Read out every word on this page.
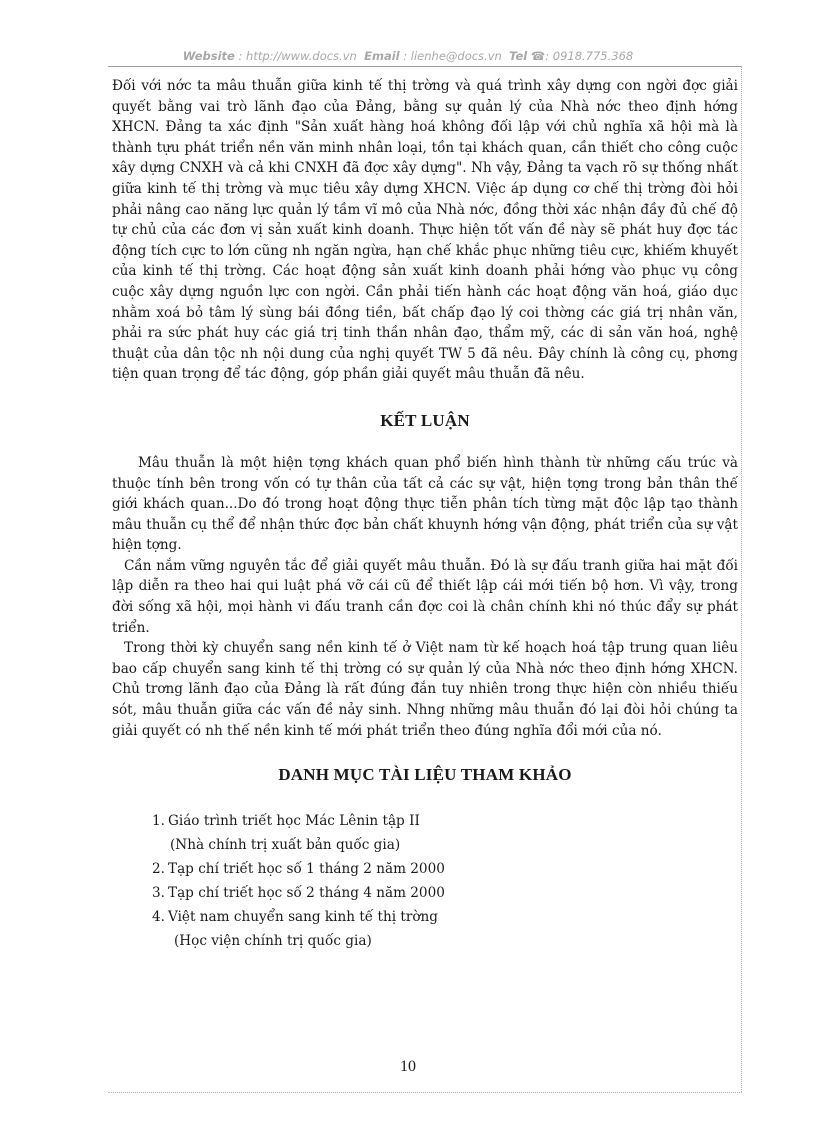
Website : http://www.docs.vn Email : lienhe@docs.vn Tel ☎: 0918.775.368

Đối với nớc ta mâu thuẫn giữa kinh tế thị trờng và quá trình xây dựng con ngời đợc giải quyết bằng vai trò lãnh đạo của Đảng, bằng sự quản lý của Nhà nớc theo định hớng XHCN. Đảng ta xác định "Sản xuất hàng hoá không đối lập với chủ nghĩa xã hội mà là thành tựu phát triển nền văn minh nhân loại, tồn tại khách quan, cần thiết cho công cuộc xây dựng CNXH và cả khi CNXH đã đợc xây dựng". Nh vậy, Đảng ta vạch rõ sự thống nhất giữa kinh tế thị trờng và mục tiêu xây dựng XHCN. Việc áp dụng cơ chế thị trờng đòi hỏi phải nâng cao năng lực quản lý tầm vĩ mô của Nhà nớc, đồng thời xác nhận đầy đủ chế độ tự chủ của các đơn vị sản xuất kinh doanh. Thực hiện tốt vấn đề này sẽ phát huy đợc tác động tích cực to lớn cũng nh ngăn ngừa, hạn chế khắc phục những tiêu cực, khiếm khuyết của kinh tế thị trờng. Các hoạt động sản xuất kinh doanh phải hớng vào phục vụ công cuộc xây dựng nguồn lực con ngời. Cần phải tiến hành các hoạt động văn hoá, giáo dục nhằm xoá bỏ tâm lý sùng bái đồng tiền, bất chấp đạo lý coi thờng các giá trị nhân văn, phải ra sức phát huy các giá trị tinh thần nhân đạo, thẩm mỹ, các di sản văn hoá, nghệ thuật của dân tộc nh nội dung của nghị quyết TW 5 đã nêu. Đây chính là công cụ, phơng tiện quan trọng để tác động, góp phần giải quyết mâu thuẫn đã nêu.

KẾT LUẬN

Mâu thuẫn là một hiện tợng khách quan phổ biến hình thành từ những cấu trúc và thuộc tính bên trong vốn có tự thân của tất cả các sự vật, hiện tợng trong bản thân thế giới khách quan...Do đó trong hoạt động thực tiễn phân tích từng mặt độc lập tạo thành mâu thuẫn cụ thể để nhận thức đợc bản chất khuynh hớng vận động, phát triển của sự vật hiện tợng.

Cần nắm vững nguyên tắc để giải quyết mâu thuẫn. Đó là sự đấu tranh giữa hai mặt đối lập diễn ra theo hai qui luật phá vỡ cái cũ để thiết lập cái mới tiến bộ hơn. Vì vậy, trong đời sống xã hội, mọi hành vi đấu tranh cần đợc coi là chân chính khi nó thúc đẩy sự phát triển.

Trong thời kỳ chuyển sang nền kinh tế ở Việt nam từ kế hoạch hoá tập trung quan liêu bao cấp chuyển sang kinh tế thị trờng có sự quản lý của Nhà nớc theo định hớng XHCN. Chủ trơng lãnh đạo của Đảng là rất đúng đắn tuy nhiên trong thực hiện còn nhiều thiếu sót, mâu thuẫn giữa các vấn đề nảy sinh. Nhng những mâu thuẫn đó lại đòi hỏi chúng ta giải quyết có nh thế nền kinh tế mới phát triển theo đúng nghĩa đổi mới của nó.

DANH MỤC TÀI LIỆU THAM KHẢO
1. Giáo trình triết học Mác Lênin tập II
(Nhà chính trị xuất bản quốc gia)
2. Tạp chí triết học số 1 tháng 2 năm 2000
3. Tạp chí triết học số 2 tháng 4 năm 2000
4. Việt nam chuyển sang kinh tế thị trờng
(Học viện chính trị quốc gia)
10
